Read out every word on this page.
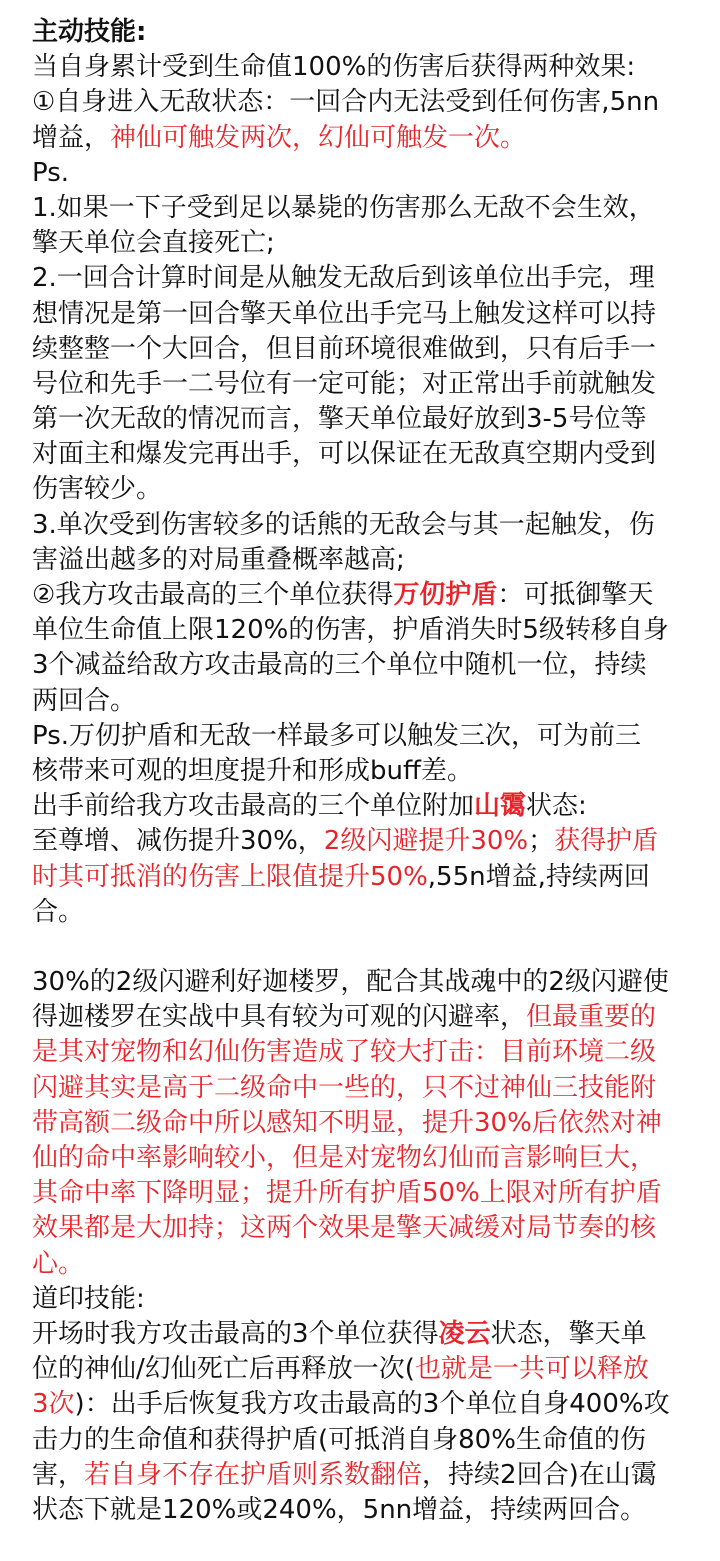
主动技能:
当自身累计受到生命值100%的伤害后获得两种效果:
①自身进入无敌状态：一回合内无法受到任何伤害,5nn
增益，神仙可触发两次，幻仙可触发一次。
Ps.
1.如果一下子受到足以暴毙的伤害那么无敌不会生效，
擎天单位会直接死亡;
2.一回合计算时间是从触发无敌后到该单位出手完，理
想情况是第一回合擎天单位出手完马上触发这样可以持
续整整一个大回合，但目前环境很难做到，只有后手一
号位和先手一二号位有一定可能；对正常出手前就触发
第一次无敌的情况而言，擎天单位最好放到3-5号位等
对面主和爆发完再出手，可以保证在无敌真空期内受到
伤害较少。
3.单次受到伤害较多的话熊的无敌会与其一起触发，伤
害溢出越多的对局重叠概率越高;
②我方攻击最高的三个单位获得万仞护盾：可抵御擎天
单位生命值上限120%的伤害，护盾消失时5级转移自身
3个减益给敌方攻击最高的三个单位中随机一位，持续
两回合。
Ps.万仞护盾和无敌一样最多可以触发三次，可为前三
核带来可观的坦度提升和形成buff差。
出手前给我方攻击最高的三个单位附加山霭状态:
至尊增、减伤提升30%，2级闪避提升30%；获得护盾
时其可抵消的伤害上限值提升50%,55n增益,持续两回
合。
30%的2级闪避利好迦楼罗，配合其战魂中的2级闪避使
得迦楼罗在实战中具有较为可观的闪避率，但最重要的
是其对宠物和幻仙伤害造成了较大打击：目前环境二级
闪避其实是高于二级命中一些的，只不过神仙三技能附
带高额二级命中所以感知不明显，提升30%后依然对神
仙的命中率影响较小，但是对宠物幻仙而言影响巨大，
其命中率下降明显；提升所有护盾50%上限对所有护盾
效果都是大加持；这两个效果是擎天减缓对局节奏的核
心。
道印技能:
开场时我方攻击最高的3个单位获得凌云状态，擎天单
位的神仙/幻仙死亡后再释放一次(也就是一共可以释放
3次)：出手后恢复我方攻击最高的3个单位自身400%攻
击力的生命值和获得护盾(可抵消自身80%生命值的伤
害，若自身不存在护盾则系数翻倍，持续2回合)在山霭
状态下就是120%或240%，5nn增益，持续两回合。
